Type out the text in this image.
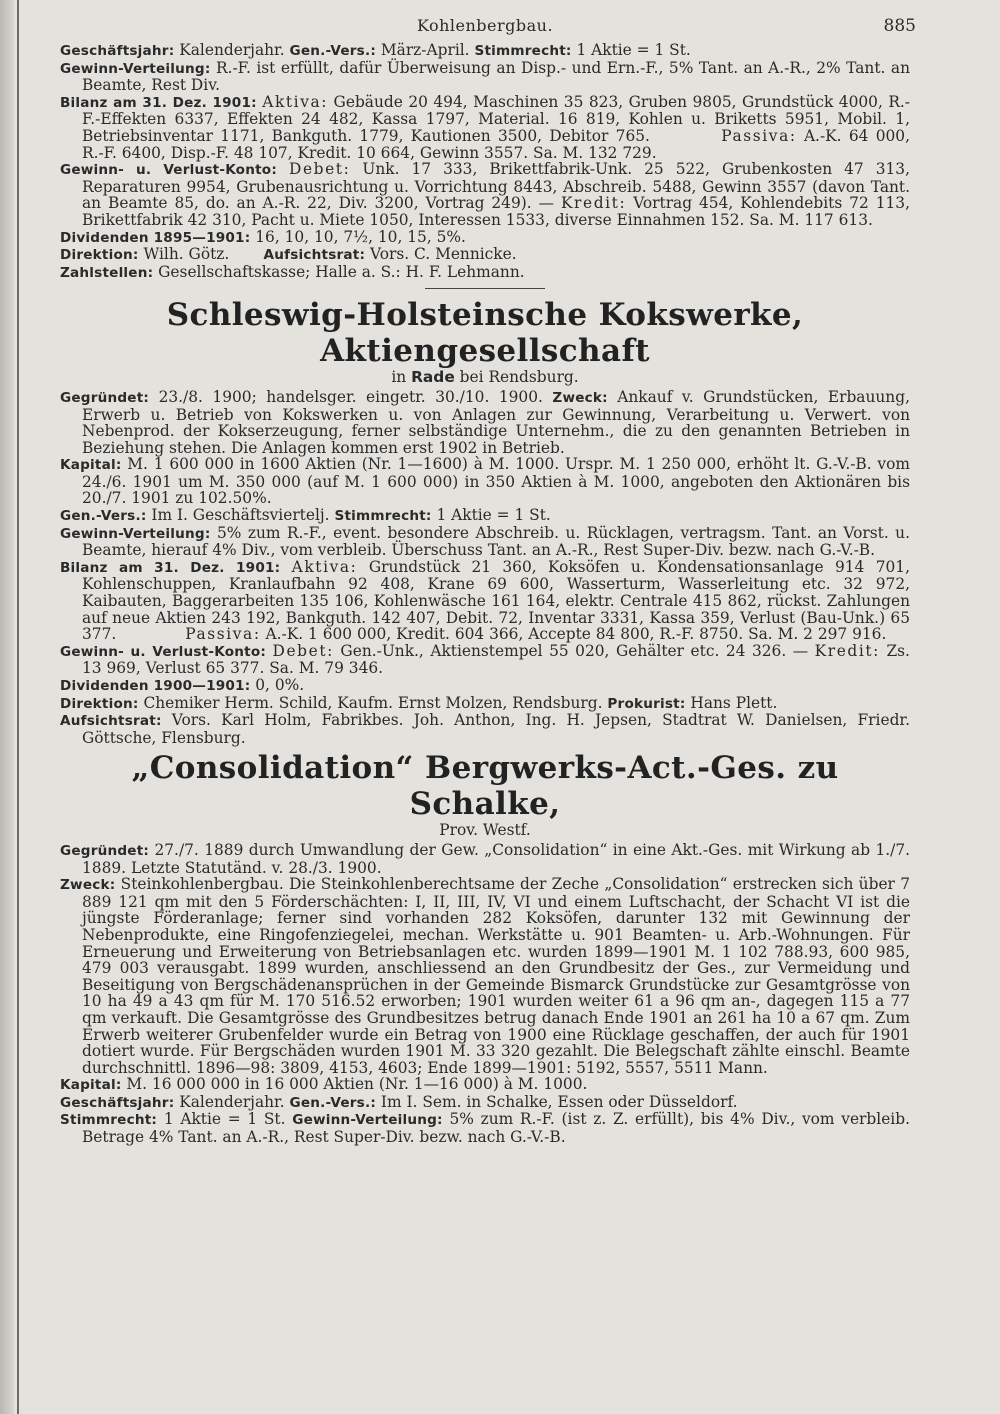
Kohlenbergbau.	885

Geschäftsjahr: Kalenderjahr. Gen.-Vers.: März-April. Stimmrecht: 1 Aktie = 1 St.

Gewinn-Verteilung: R.-F. ist erfüllt, dafür Überweisung an Disp.- und Ern.-F., 5% Tant. an A.-R., 2% Tant. an Beamte, Rest Div.

Bilanz am 31. Dez. 1901: Aktiva: Gebäude 20 494, Maschinen 35 823, Gruben 9805, Grundstück 4000, R.-F.-Effekten 6337, Effekten 24 482, Kassa 1797, Material. 16 819, Kohlen u. Briketts 5951, Mobil. 1, Betriebsinventar 1171, Bankguth. 1779, Kautionen 3500, Debitor 765.	Passiva: A.-K. 64 000, R.-F. 6400, Disp.-F. 48 107, Kredit. 10 664, Gewinn 3557. Sa. M. 132 729.

Gewinn- u. Verlust-Konto: Debet: Unk. 17 333, Brikettfabrik-Unk. 25 522, Grubenkosten 47 313, Reparaturen 9954, Grubenausrichtung u. Vorrichtung 8443, Abschreib. 5488, Gewinn 3557 (davon Tant. an Beamte 85, do. an A.-R. 22, Div. 3200, Vortrag 249). — Kredit: Vortrag 454, Kohlendebits 72 113, Brikettfabrik 42 310, Pacht u. Miete 1050, Interessen 1533, diverse Einnahmen 152. Sa. M. 117 613.

Dividenden 1895—1901: 16, 10, 10, 7½, 10, 15, 5%.

Direktion: Wilh. Götz.	Aufsichtsrat: Vors. C. Mennicke.

Zahlstellen: Gesellschaftskasse; Halle a. S.: H. F. Lehmann.

Schleswig-Holsteinsche Kokswerke, Aktiengesellschaft

in Rade bei Rendsburg.

Gegründet: 23./8. 1900; handelsger. eingetr. 30./10. 1900. Zweck: Ankauf v. Grundstücken, Erbauung, Erwerb u. Betrieb von Kokswerken u. von Anlagen zur Gewinnung, Verarbeitung u. Verwert. von Nebenprod. der Kokserzeugung, ferner selbständige Unternehm., die zu den genannten Betrieben in Beziehung stehen. Die Anlagen kommen erst 1902 in Betrieb.

Kapital: M. 1 600 000 in 1600 Aktien (Nr. 1—1600) à M. 1000. Urspr. M. 1 250 000, erhöht lt. G.-V.-B. vom 24./6. 1901 um M. 350 000 (auf M. 1 600 000) in 350 Aktien à M. 1000, angeboten den Aktionären bis 20./7. 1901 zu 102.50%.

Gen.-Vers.: Im I. Geschäftsviertelj. Stimmrecht: 1 Aktie = 1 St.

Gewinn-Verteilung: 5% zum R.-F., event. besondere Abschreib. u. Rücklagen, vertragsm. Tant. an Vorst. u. Beamte, hierauf 4% Div., vom verbleib. Überschuss Tant. an A.-R., Rest Super-Div. bezw. nach G.-V.-B.

Bilanz am 31. Dez. 1901: Aktiva: Grundstück 21 360, Koksöfen u. Kondensationsanlage 914 701, Kohlenschuppen, Kranlaufbahn 92 408, Krane 69 600, Wasserturm, Wasserleitung etc. 32 972, Kaibauten, Baggerarbeiten 135 106, Kohlenwäsche 161 164, elektr. Centrale 415 862, rückst. Zahlungen auf neue Aktien 243 192, Bankguth. 142 407, Debit. 72, Inventar 3331, Kassa 359, Verlust (Bau-Unk.) 65 377.	Passiva: A.-K. 1 600 000, Kredit. 604 366, Accepte 84 800, R.-F. 8750. Sa. M. 2 297 916.

Gewinn- u. Verlust-Konto: Debet: Gen.-Unk., Aktienstempel 55 020, Gehälter etc. 24 326. — Kredit: Zs. 13 969, Verlust 65 377. Sa. M. 79 346.

Dividenden 1900—1901: 0, 0%.

Direktion: Chemiker Herm. Schild, Kaufm. Ernst Molzen, Rendsburg. Prokurist: Hans Plett.

Aufsichtsrat: Vors. Karl Holm, Fabrikbes. Joh. Anthon, Ing. H. Jepsen, Stadtrat W. Danielsen, Friedr. Göttsche, Flensburg.

„Consolidation“ Bergwerks-Act.-Ges. zu Schalke,

Prov. Westf.

Gegründet: 27./7. 1889 durch Umwandlung der Gew. „Consolidation“ in eine Akt.-Ges. mit Wirkung ab 1./7. 1889. Letzte Statutänd. v. 28./3. 1900.

Zweck: Steinkohlenbergbau. Die Steinkohlenberechtsame der Zeche „Consolidation“ erstrecken sich über 7 889 121 qm mit den 5 Förderschächten: I, II, III, IV, VI und einem Luftschacht, der Schacht VI ist die jüngste Förderanlage; ferner sind vorhanden 282 Koksöfen, darunter 132 mit Gewinnung der Nebenprodukte, eine Ringofenziegelei, mechan. Werkstätte u. 901 Beamten- u. Arb.-Wohnungen. Für Erneuerung und Erweiterung von Betriebsanlagen etc. wurden 1899—1901 M. 1 102 788.93, 600 985, 479 003 verausgabt. 1899 wurden, anschliessend an den Grundbesitz der Ges., zur Vermeidung und Beseitigung von Bergschädenansprüchen in der Gemeinde Bismarck Grundstücke zur Gesamtgrösse von 10 ha 49 a 43 qm für M. 170 516.52 erworben; 1901 wurden weiter 61 a 96 qm an-, dagegen 115 a 77 qm verkauft. Die Gesamtgrösse des Grundbesitzes betrug danach Ende 1901 an 261 ha 10 a 67 qm. Zum Erwerb weiterer Grubenfelder wurde ein Betrag von 1900 eine Rücklage geschaffen, der auch für 1901 dotiert wurde. Für Bergschäden wurden 1901 M. 33 320 gezahlt. Die Belegschaft zählte einschl. Beamte durchschnittl. 1896—98: 3809, 4153, 4603; Ende 1899—1901: 5192, 5557, 5511 Mann.

Kapital: M. 16 000 000 in 16 000 Aktien (Nr. 1—16 000) à M. 1000.

Geschäftsjahr: Kalenderjahr. Gen.-Vers.: Im I. Sem. in Schalke, Essen oder Düsseldorf.

Stimmrecht: 1 Aktie = 1 St. Gewinn-Verteilung: 5% zum R.-F. (ist z. Z. erfüllt), bis 4% Div., vom verbleib. Betrage 4% Tant. an A.-R., Rest Super-Div. bezw. nach G.-V.-B.
